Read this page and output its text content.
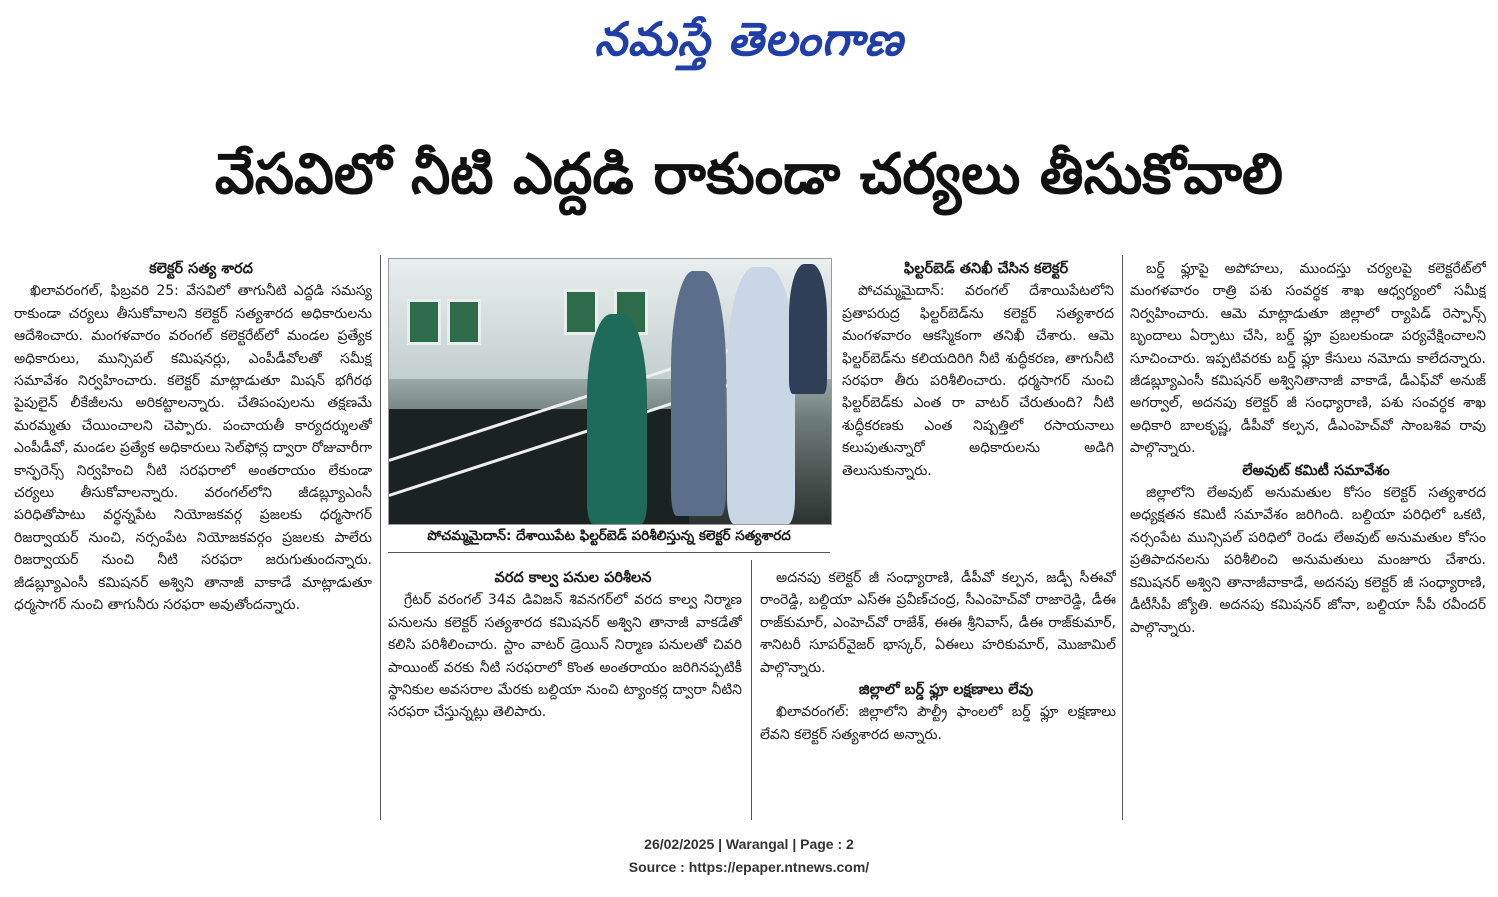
నమస్తే తెలంగాణ
వేసవిలో నీటి ఎద్దడి రాకుండా చర్యలు తీసుకోవాలి

కలెక్టర్ సత్య శారద

ఖిలావరంగల్, ఫిబ్రవరి 25: వేసవిలో తాగునీటి ఎద్దడి సమస్య రాకుండా చర్యలు తీసుకోవాలని కలెక్టర్ సత్యశారద అధికారులను ఆదేశించారు. మంగళవారం వరంగల్ కలెక్టరేట్‌లో మండల ప్రత్యేక అధికారులు, మున్సిపల్ కమిషనర్లు, ఎంపీడీవోలతో సమీక్ష సమావేశం నిర్వహించారు. కలెక్టర్ మాట్లాడుతూ మిషన్ భగీరథ పైపులైన్ లీకేజీలను అరికట్టాలన్నారు. చేతిపంపులను తక్షణమే మరమ్మతు చేయించాలని చెప్పారు. పంచాయతీ కార్యదర్శులతో ఎంపీడీవో, మండల ప్రత్యేక అధికారులు సెల్‌ఫోన్ల ద్వారా రోజువారీగా కాన్ఫరెన్స్ నిర్వహించి నీటి సరఫరాలో అంతరాయం లేకుండా చర్యలు తీసుకోవాలన్నారు. వరంగల్‌లోని జీడబ్ల్యూఎంసీ పరిధితోపాటు వర్ధన్నపేట నియోజకవర్గ ప్రజలకు ధర్మసాగర్ రిజర్వాయర్ నుంచి, నర్సంపేట నియోజకవర్గం ప్రజలకు పాలేరు రిజర్వాయర్ నుంచి నీటి సరఫరా జరుగుతుందన్నారు. జీడబ్ల్యూఎంసీ కమిషనర్ అశ్విని తానాజీ వాకాడే మాట్లాడుతూ ధర్మసాగర్ నుంచి తాగునీరు సరఫరా అవుతోందన్నారు.

పోచమ్మమైదాన్: దేశాయిపేట ఫిల్టర్‌బెడ్ పరిశీలిస్తున్న కలెక్టర్ సత్యశారద

వరద కాల్వ పనుల పరిశీలన

గ్రేటర్ వరంగల్ 34వ డివిజన్ శివనగర్‌లో వరద కాల్వ నిర్మాణ పనులను కలెక్టర్ సత్యశారద కమిషనర్ అశ్విని తానాజీ వాకడేతో కలిసి పరిశీలించారు. స్టాం వాటర్ డ్రెయిన్ నిర్మాణ పనులతో చివరి పాయింట్ వరకు నీటి సరఫరాలో కొంత అంతరాయం జరిగినప్పటికీ స్థానికుల అవసరాల మేరకు బల్దియా నుంచి ట్యాంకర్ల ద్వారా నీటిని సరఫరా చేస్తున్నట్లు తెలిపారు.

ఫిల్టర్‌బెడ్ తనిఖీ చేసిన కలెక్టర్

పోచమ్మమైదాన్: వరంగల్ దేశాయిపేటలోని ప్రతాపరుద్ర ఫిల్టర్‌బెడ్‌ను కలెక్టర్ సత్యశారద మంగళవారం ఆకస్మికంగా తనిఖీ చేశారు. ఆమె ఫిల్టర్‌బెడ్‌ను కలియదిరిగి నీటి శుద్ధీకరణ, తాగునీటి సరఫరా తీరు పరిశీలించారు. ధర్మసాగర్ నుంచి ఫిల్టర్‌బెడ్‌కు ఎంత రా వాటర్ చేరుతుంది? నీటి శుద్ధీకరణకు ఎంత నిష్పత్తిలో రసాయనాలు కలుపుతున్నారో అధికారులను అడిగి తెలుసుకున్నారు.

అదనపు కలెక్టర్ జీ సంధ్యారాణి, డీపీవో కల్పన, జడ్పీ సీఈవో రాంరెడ్డి, బల్దియా ఎస్ఈ ప్రవీణ్‌చంద్ర, సీఎంహెచ్‌వో రాజారెడ్డి, డీఈ రాజ్‌కుమార్, ఎంహెచ్‌వో రాజేశ్, ఈఈ శ్రీనివాస్, డీఈ రాజ్‌కుమార్, శానిటరీ సూపర్‌వైజర్ భాస్కర్, ఏఈలు హరికుమార్, మొజామిల్ పాల్గొన్నారు.

జిల్లాలో బర్డ్ ఫ్లూ లక్షణాలు లేవు

ఖిలావరంగల్: జిల్లాలోని పౌల్ట్రీ ఫాంలలో బర్డ్ ఫ్లూ లక్షణాలు లేవని కలెక్టర్ సత్యశారద అన్నారు.

బర్డ్ ఫ్లూపై అపోహలు, ముందస్తు చర్యలపై కలెక్టరేట్‌లో మంగళవారం రాత్రి పశు సంవర్ధక శాఖ ఆధ్వర్యంలో సమీక్ష నిర్వహించారు. ఆమె మాట్లాడుతూ జిల్లాలో ర్యాపిడ్ రెస్పాన్స్ బృందాలు ఏర్పాటు చేసి, బర్డ్ ఫ్లూ ప్రబలకుండా పర్యవేక్షించాలని సూచించారు. ఇప్పటివరకు బర్డ్ ఫ్లూ కేసులు నమోదు కాలేదన్నారు. జీడబ్ల్యూఎంసీ కమిషనర్ అశ్వినితానాజీ వాకాడే, డీఎఫ్‌వో అనుజ్ అగర్వాల్, అదనపు కలెక్టర్ జీ సంధ్యారాణి, పశు సంవర్ధక శాఖ అధికారి బాలకృష్ణ, డీపీవో కల్పన, డీఎంహెచ్‌వో సాంబశివ రావు పాల్గొన్నారు.

లేఅవుట్ కమిటీ సమావేశం

జిల్లాలోని లేఅవుట్ అనుమతుల కోసం కలెక్టర్ సత్యశారద అధ్యక్షతన కమిటీ సమావేశం జరిగింది. బల్దియా పరిధిలో ఒకటి, నర్సంపేట మున్సిపల్ పరిధిలో రెండు లేఅవుట్ అనుమతుల కోసం ప్రతిపాదనలను పరిశీలించి అనుమతులు మంజూరు చేశారు. కమిషనర్ అశ్విని తానాజీవాకాడే, అదనపు కలెక్టర్ జీ సంధ్యారాణి, డీటీసీపీ జ్యోతి. అదనపు కమిషనర్ జోనా, బల్దియా సీపీ రవీందర్ పాల్గొన్నారు.

26/02/2025 | Warangal | Page : 2
Source : https://epaper.ntnews.com/
